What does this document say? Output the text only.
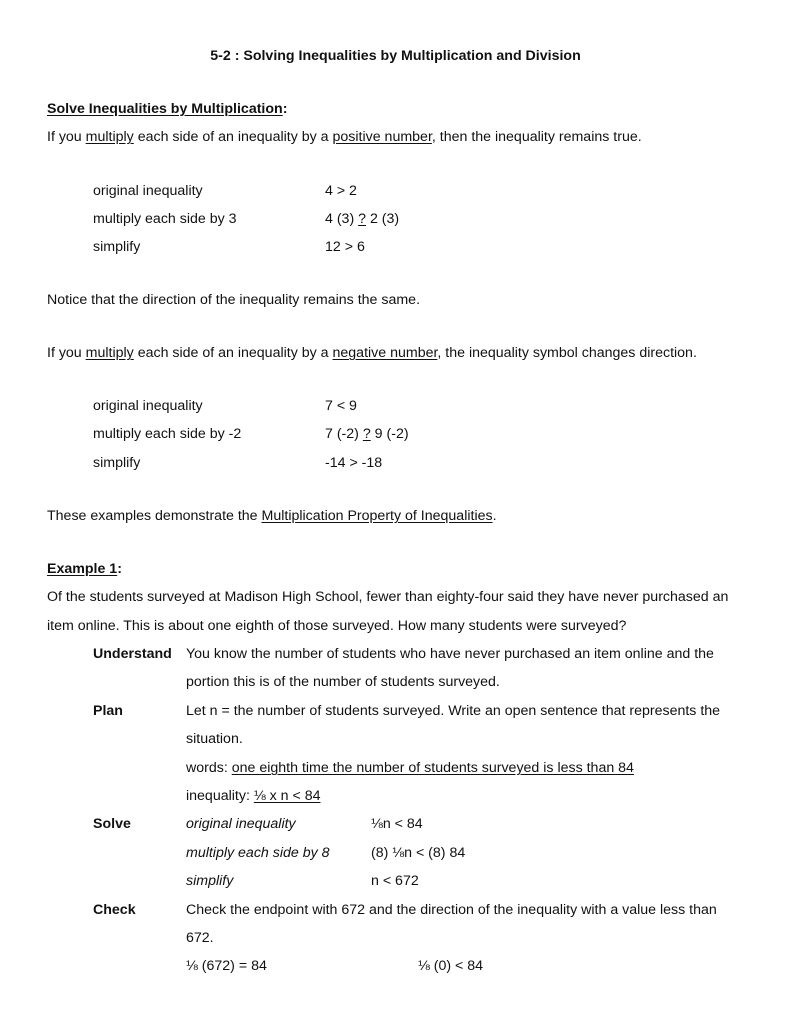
5-2 : Solving Inequalities by Multiplication and Division
Solve Inequalities by Multiplication:
If you multiply each side of an inequality by a positive number, then the inequality remains true.
original inequality	4 > 2
multiply each side by 3	4 (3) ? 2 (3)
simplify	12 > 6
Notice that the direction of the inequality remains the same.
If you multiply each side of an inequality by a negative number, the inequality symbol changes direction.
original inequality	7 < 9
multiply each side by -2	7 (-2) ? 9 (-2)
simplify	-14 > -18
These examples demonstrate the Multiplication Property of Inequalities.
Example 1:
Of the students surveyed at Madison High School, fewer than eighty-four said they have never purchased an
item online. This is about one eighth of those surveyed. How many students were surveyed?
Understand You know the number of students who have never purchased an item online and the
portion this is of the number of students surveyed.
Plan	Let n = the number of students surveyed. Write an open sentence that represents the
situation.
words: one eighth time the number of students surveyed is less than 84
inequality: ⅛ x n < 84
Solve	original inequality	⅛n < 84
multiply each side by 8	(8) ⅛n < (8) 84
simplify	n < 672
Check	Check the endpoint with 672 and the direction of the inequality with a value less than
672.
⅛ (672) = 84	⅛ (0) < 84
